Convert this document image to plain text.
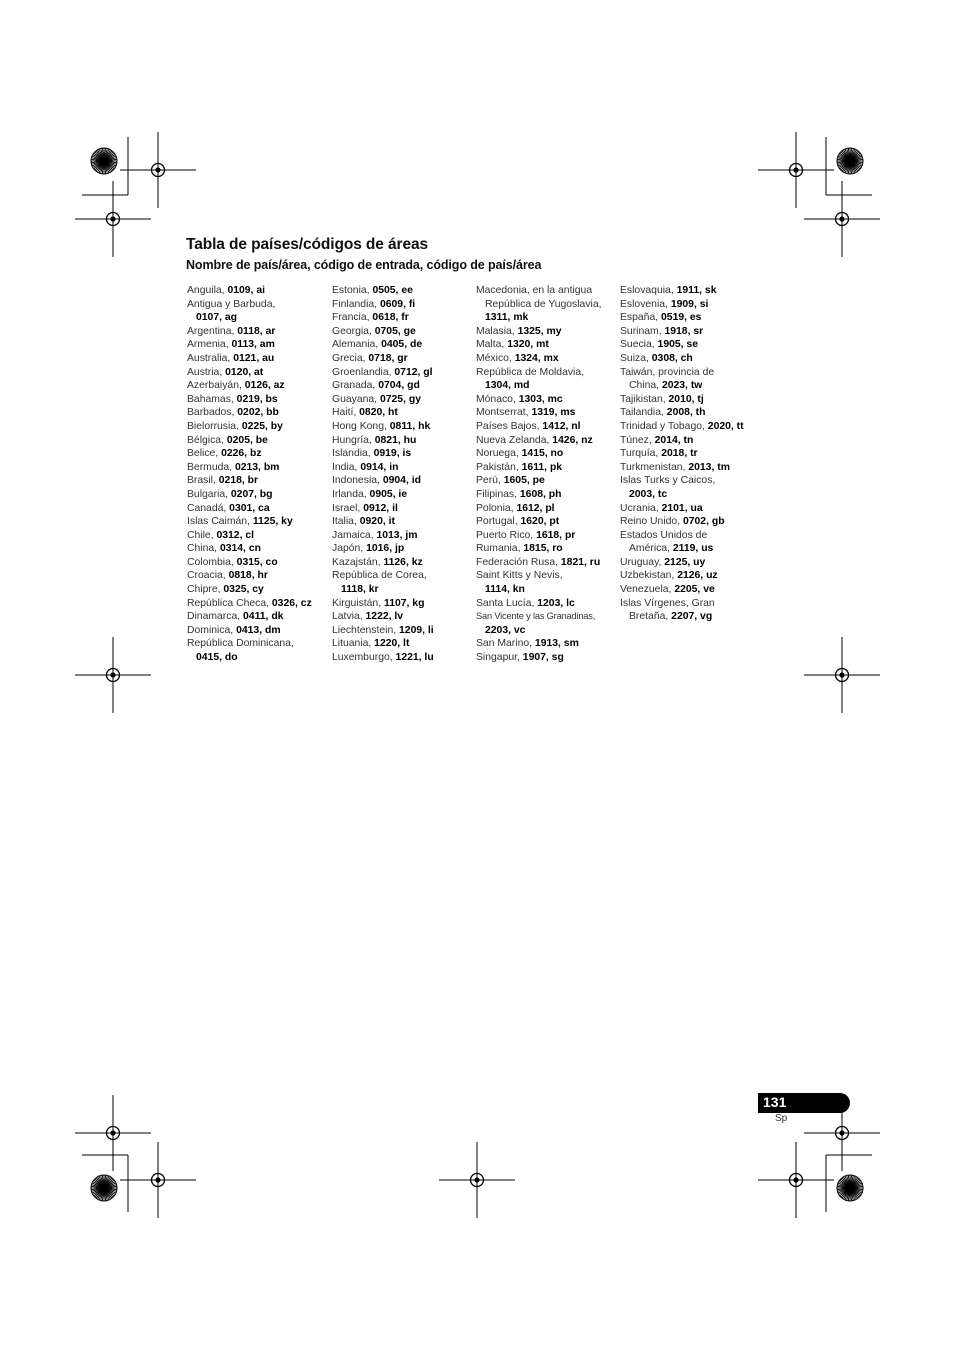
Tabla de países/códigos de áreas
Nombre de país/área, código de entrada, código de país/área
Anguila, 0109, ai
Antigua y Barbuda,
0107, ag
Argentina, 0118, ar
Armenia, 0113, am
Australia, 0121, au
Austria, 0120, at
Azerbaiyán, 0126, az
Bahamas, 0219, bs
Barbados, 0202, bb
Bielorrusia, 0225, by
Bélgica, 0205, be
Belice, 0226, bz
Bermuda, 0213, bm
Brasil, 0218, br
Bulgaria, 0207, bg
Canadá, 0301, ca
Islas Caimán, 1125, ky
Chile, 0312, cl
China, 0314, cn
Colombia, 0315, co
Croacia, 0818, hr
Chipre, 0325, cy
República Checa, 0326, cz
Dinamarca, 0411, dk
Dominica, 0413, dm
República Dominicana,
0415, do
Estonia, 0505, ee
Finlandia, 0609, fi
Francia, 0618, fr
Georgia, 0705, ge
Alemania, 0405, de
Grecia, 0718, gr
Groenlandia, 0712, gl
Granada, 0704, gd
Guayana, 0725, gy
Haití, 0820, ht
Hong Kong, 0811, hk
Hungría, 0821, hu
Islandia, 0919, is
India, 0914, in
Indonesia, 0904, id
Irlanda, 0905, ie
Israel, 0912, il
Italia, 0920, it
Jamaica, 1013, jm
Japón, 1016, jp
Kazajstán, 1126, kz
República de Corea,
1118, kr
Kirguistán, 1107, kg
Latvia, 1222, lv
Liechtenstein, 1209, li
Lituania, 1220, lt
Luxemburgo, 1221, lu
Macedonia, en la antigua
República de Yugoslavia,
1311, mk
Malasia, 1325, my
Malta, 1320, mt
México, 1324, mx
República de Moldavia,
1304, md
Mónaco, 1303, mc
Montserrat, 1319, ms
Países Bajos, 1412, nl
Nueva Zelanda, 1426, nz
Noruega, 1415, no
Pakistán, 1611, pk
Perú, 1605, pe
Filipinas, 1608, ph
Polonia, 1612, pl
Portugal, 1620, pt
Puerto Rico, 1618, pr
Rumania, 1815, ro
Federación Rusa, 1821, ru
Saint Kitts y Nevis,
1114, kn
Santa Lucía, 1203, lc
San Vicente y las Granadinas,
2203, vc
San Marino, 1913, sm
Singapur, 1907, sg
Eslovaquia, 1911, sk
Eslovenia, 1909, si
España, 0519, es
Surinam, 1918, sr
Suecia, 1905, se
Suiza, 0308, ch
Taiwán, provincia de
China, 2023, tw
Tajikistan, 2010, tj
Tailandia, 2008, th
Trinidad y Tobago, 2020, tt
Túnez, 2014, tn
Turquía, 2018, tr
Turkmenistan, 2013, tm
Islas Turks y Caicos,
2003, tc
Ucrania, 2101, ua
Reino Unido, 0702, gb
Estados Unidos de
América, 2119, us
Uruguay, 2125, uy
Uzbekistan, 2126, uz
Venezuela, 2205, ve
Islas Vírgenes, Gran
Bretaña, 2207, vg
131
Sp
